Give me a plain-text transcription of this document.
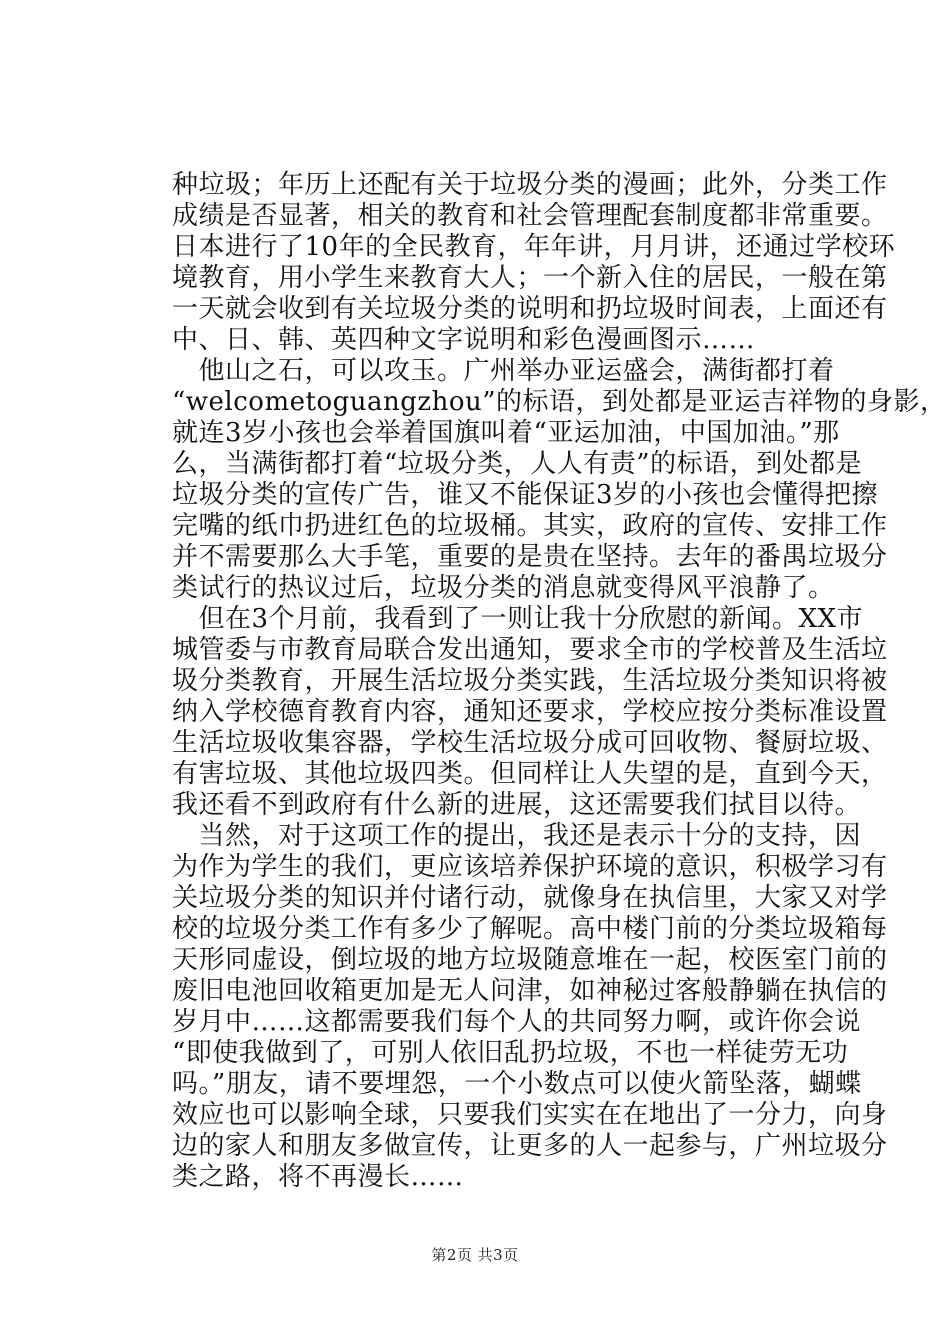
种垃圾；年历上还配有关于垃圾分类的漫画；此外，分类工作
成绩是否显著，相关的教育和社会管理配套制度都非常重要。
日本进行了10年的全民教育，年年讲，月月讲，还通过学校环
境教育，用小学生来教育大人；一个新入住的居民，一般在第
一天就会收到有关垃圾分类的说明和扔垃圾时间表，上面还有
中、日、韩、英四种文字说明和彩色漫画图示……
　他山之石，可以攻玉。广州举办亚运盛会，满街都打着
“welcometoguangzhou”的标语，到处都是亚运吉祥物的身影，
就连3岁小孩也会举着国旗叫着“亚运加油，中国加油。”那
么，当满街都打着“垃圾分类，人人有责”的标语，到处都是
垃圾分类的宣传广告，谁又不能保证3岁的小孩也会懂得把擦
完嘴的纸巾扔进红色的垃圾桶。其实，政府的宣传、安排工作
并不需要那么大手笔，重要的是贵在坚持。去年的番禺垃圾分
类试行的热议过后，垃圾分类的消息就变得风平浪静了。
　但在3个月前，我看到了一则让我十分欣慰的新闻。XX市
城管委与市教育局联合发出通知，要求全市的学校普及生活垃
圾分类教育，开展生活垃圾分类实践，生活垃圾分类知识将被
纳入学校德育教育内容，通知还要求，学校应按分类标准设置
生活垃圾收集容器，学校生活垃圾分成可回收物、餐厨垃圾、
有害垃圾、其他垃圾四类。但同样让人失望的是，直到今天，
我还看不到政府有什么新的进展，这还需要我们拭目以待。
　当然，对于这项工作的提出，我还是表示十分的支持，因
为作为学生的我们，更应该培养保护环境的意识，积极学习有
关垃圾分类的知识并付诸行动，就像身在执信里，大家又对学
校的垃圾分类工作有多少了解呢。高中楼门前的分类垃圾箱每
天形同虚设，倒垃圾的地方垃圾随意堆在一起，校医室门前的
废旧电池回收箱更加是无人问津，如神秘过客般静躺在执信的
岁月中……这都需要我们每个人的共同努力啊，或许你会说
“即使我做到了，可别人依旧乱扔垃圾，不也一样徒劳无功
吗。”朋友，请不要埋怨，一个小数点可以使火箭坠落，蝴蝶
效应也可以影响全球，只要我们实实在在地出了一分力，向身
边的家人和朋友多做宣传，让更多的人一起参与，广州垃圾分
类之路，将不再漫长……
第2页 共3页
